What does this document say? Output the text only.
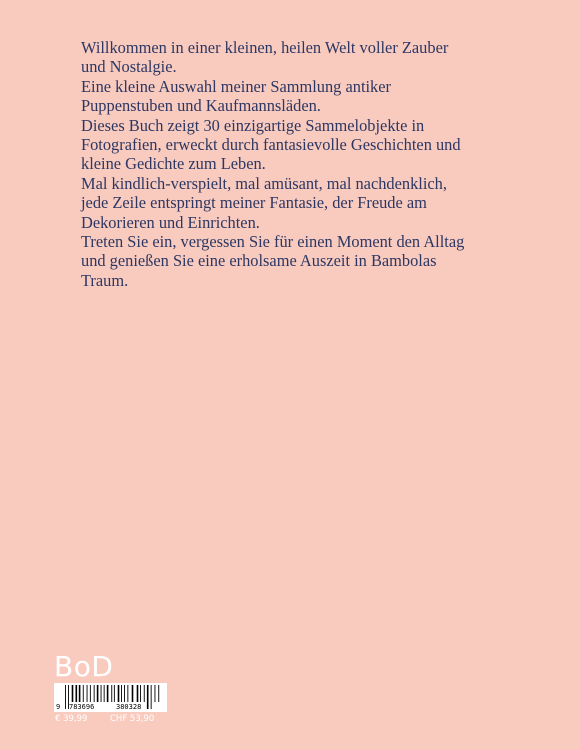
Willkommen in einer kleinen, heilen Welt voller Zauber
und Nostalgie.

Eine kleine Auswahl meiner Sammlung antiker
Puppenstuben und Kaufmannsläden.

Dieses Buch zeigt 30 einzigartige Sammelobjekte in
Fotografien, erweckt durch fantasievolle Geschichten und
kleine Gedichte zum Leben.

Mal kindlich-verspielt, mal amüsant, mal nachdenklich,
jede Zeile entspringt meiner Fantasie, der Freude am
Dekorieren und Einrichten.

Treten Sie ein, vergessen Sie für einen Moment den Alltag
und genießen Sie eine erholsame Auszeit in Bambolas
Traum.

BoD
9 783696	380328
€ 39,99	CHF 53,90
